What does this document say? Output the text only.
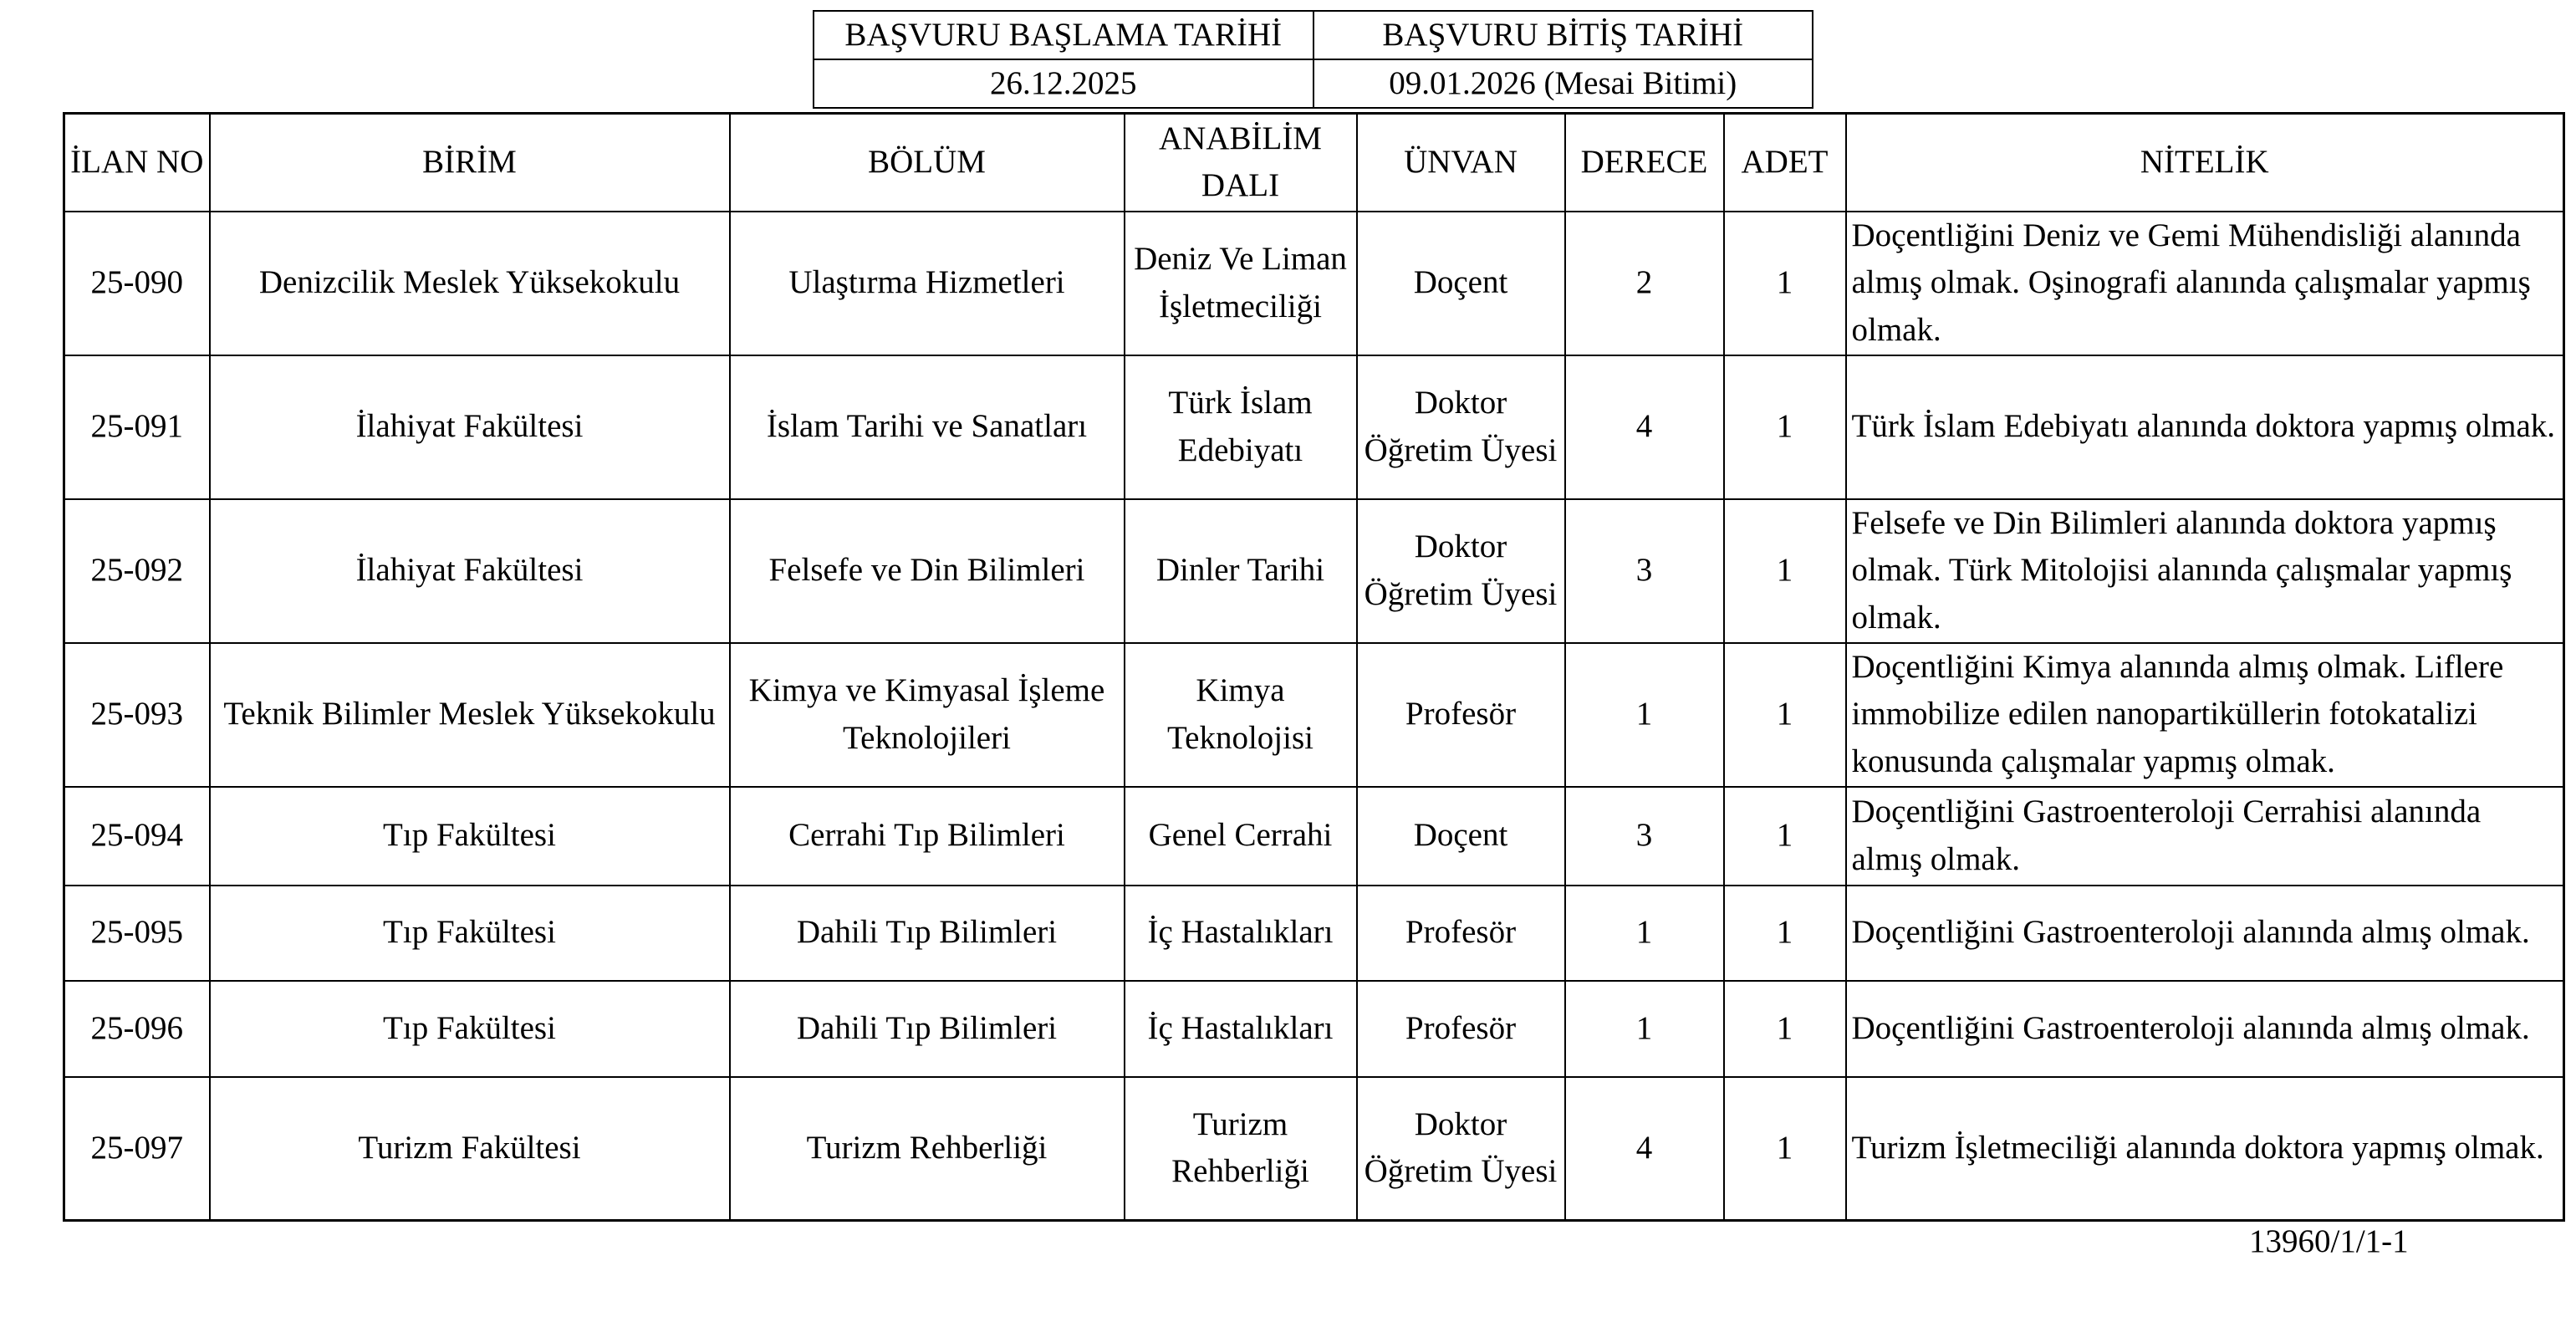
BAŞVURU BAŞLAMA TARİHİ	BAŞVURU BİTİŞ TARİHİ
26.12.2025	09.01.2026 (Mesai Bitimi)
İLAN NO	BİRİM	BÖLÜM	ANABİLİM DALI	ÜNVAN	DERECE	ADET	NİTELİK
25-090	Denizcilik Meslek Yüksekokulu	Ulaştırma Hizmetleri	Deniz Ve Liman İşletmeciliği	Doçent	2	1	Doçentliğini Deniz ve Gemi Mühendisliği alanında almış olmak. Oşinografi alanında çalışmalar yapmış olmak.
25-091	İlahiyat Fakültesi	İslam Tarihi ve Sanatları	Türk İslam Edebiyatı	Doktor Öğretim Üyesi	4	1	Türk İslam Edebiyatı alanında doktora yapmış olmak.
25-092	İlahiyat Fakültesi	Felsefe ve Din Bilimleri	Dinler Tarihi	Doktor Öğretim Üyesi	3	1	Felsefe ve Din Bilimleri alanında doktora yapmış olmak. Türk Mitolojisi alanında çalışmalar yapmış olmak.
25-093	Teknik Bilimler Meslek Yüksekokulu	Kimya ve Kimyasal İşleme Teknolojileri	Kimya Teknolojisi	Profesör	1	1	Doçentliğini Kimya alanında almış olmak. Liflere immobilize edilen nanopartiküllerin fotokatalizi konusunda çalışmalar yapmış olmak.
25-094	Tıp Fakültesi	Cerrahi Tıp Bilimleri	Genel Cerrahi	Doçent	3	1	Doçentliğini Gastroenteroloji Cerrahisi alanında almış olmak.
25-095	Tıp Fakültesi	Dahili Tıp Bilimleri	İç Hastalıkları	Profesör	1	1	Doçentliğini Gastroenteroloji alanında almış olmak.
25-096	Tıp Fakültesi	Dahili Tıp Bilimleri	İç Hastalıkları	Profesör	1	1	Doçentliğini Gastroenteroloji alanında almış olmak.
25-097	Turizm Fakültesi	Turizm Rehberliği	Turizm Rehberliği	Doktor Öğretim Üyesi	4	1	Turizm İşletmeciliği alanında doktora yapmış olmak.
13960/1/1-1
